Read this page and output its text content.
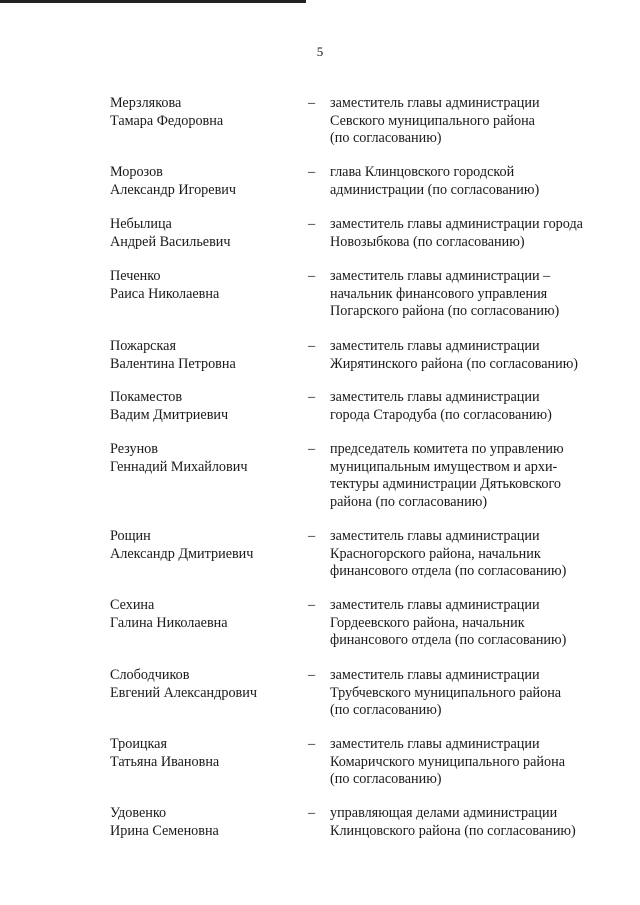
5
Мерзлякова
Тамара Федоровна
–	заместитель главы администрации
Севского муниципального района
(по согласованию)
Морозов
Александр Игоревич
–	глава Клинцовского городской
администрации (по согласованию)
Небылица
Андрей Васильевич
–	заместитель главы администрации города
Новозыбкова (по согласованию)
Печенко
Раиса Николаевна
–	заместитель главы администрации –
начальник финансового управления
Погарского района (по согласованию)
Пожарская
Валентина Петровна
–	заместитель главы администрации
Жирятинского района (по согласованию)
Покаместов
Вадим Дмитриевич
–	заместитель главы администрации
города Стародуба (по согласованию)
Резунов
Геннадий Михайлович
–	председатель комитета по управлению
муниципальным имуществом и архи-
тектуры администрации Дятьковского
района (по согласованию)
Рощин
Александр Дмитриевич
–	заместитель главы администрации
Красногорского района, начальник
финансового отдела (по согласованию)
Сехина
Галина Николаевна
–	заместитель главы администрации
Гордеевского района, начальник
финансового отдела (по согласованию)
Слободчиков
Евгений Александрович
–	заместитель главы администрации
Трубчевского муниципального района
(по согласованию)
Троицкая
Татьяна Ивановна
–	заместитель главы администрации
Комаричского муниципального района
(по согласованию)
Удовенко
Ирина Семеновна
–	управляющая делами администрации
Клинцовского района (по согласованию)
